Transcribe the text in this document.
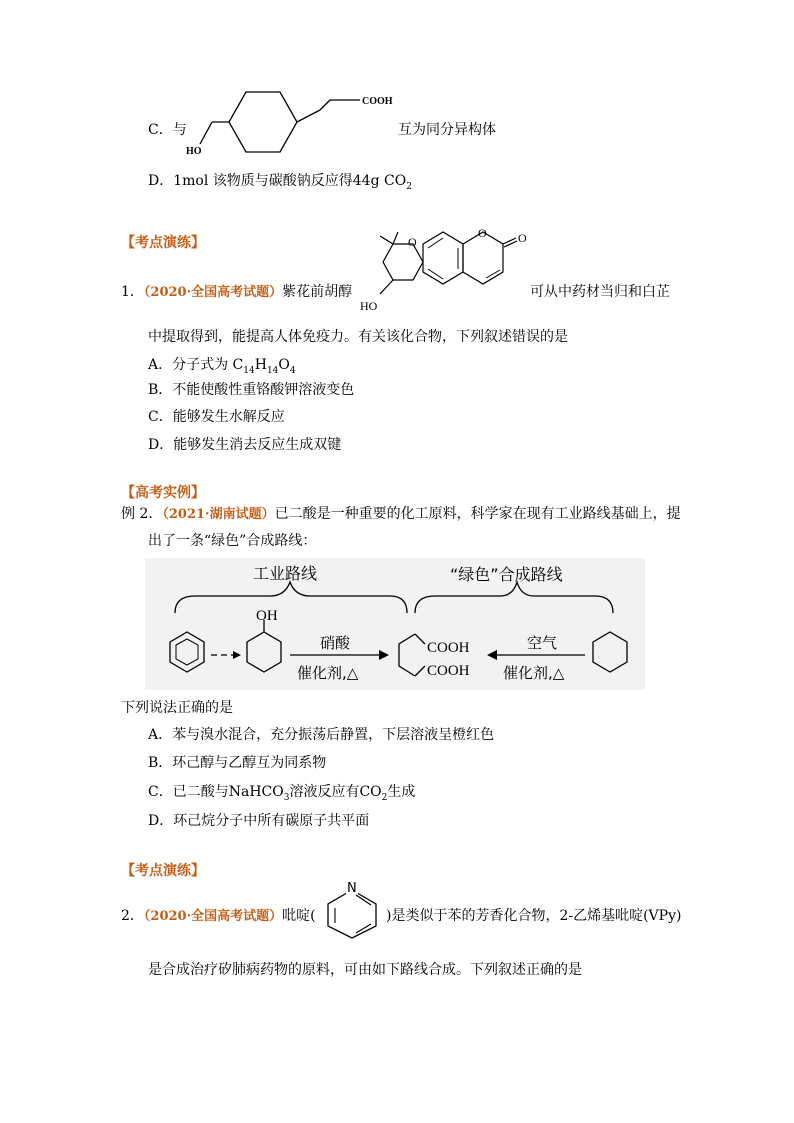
C．与
COOH
HO
互为同分异构体
D．1mol 该物质与碳酸钠反应得44g $CO_2$
【考点演练】
1．（2020·全国高考试题）紫花前胡醇
HO
O
O	O
可从中药材当归和白芷
中提取得到，能提高人体免疫力。有关该化合物，下列叙述错误的是
A．分子式为 $C_{14}H_{14}O_4$
B．不能使酸性重铬酸钾溶液变色
C．能够发生水解反应
D．能够发生消去反应生成双键
【高考实例】
例 2．（2021·湖南试题）已二酸是一种重要的化工原料，科学家在现有工业路线基础上，提
出了一条“绿色”合成路线：
工业路线	“绿色”合成路线
OH
硝酸
催化剂,△
COOH
COOH
空气
催化剂,△
下列说法正确的是
A．苯与溴水混合，充分振荡后静置，下层溶液呈橙红色
B．环己醇与乙醇互为同系物
C．已二酸与NaHCO$_3$溶液反应有$CO_2$生成
D．环己烷分子中所有碳原子共平面
【考点演练】
2．（2020·全国高考试题）吡啶(
N
)是类似于苯的芳香化合物，2-乙烯基吡啶(VPy)
是合成治疗矽肺病药物的原料，可由如下路线合成。下列叙述正确的是
